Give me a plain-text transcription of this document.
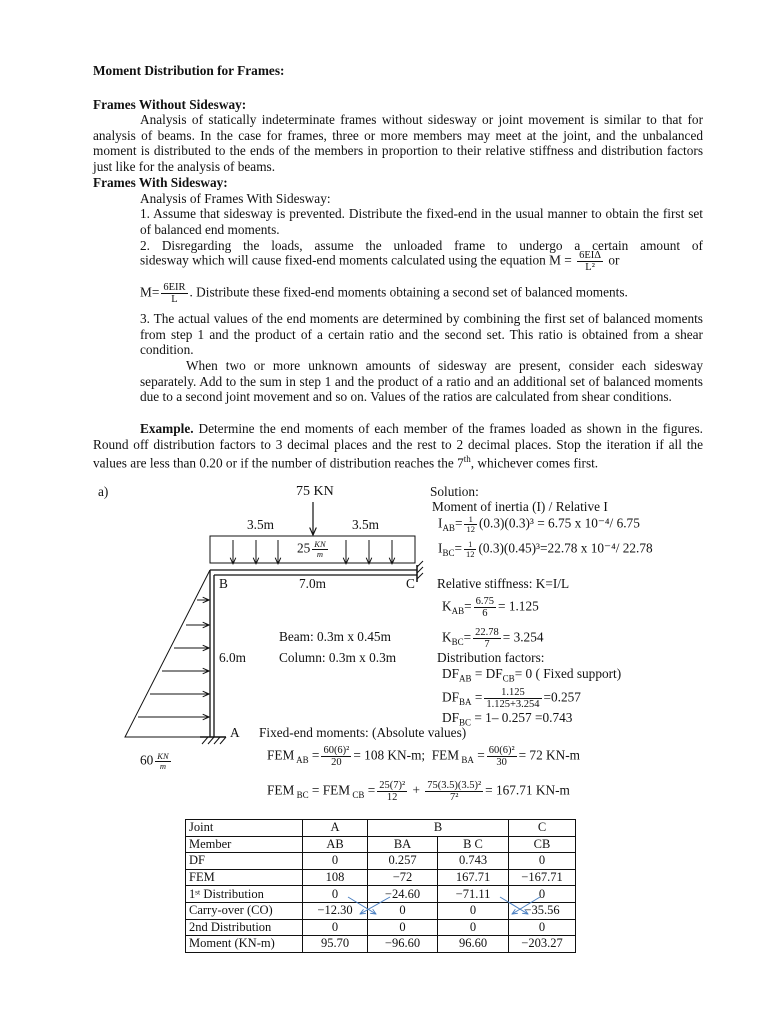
Moment Distribution for Frames:
Frames Without Sidesway:
Analysis of statically indeterminate frames without sidesway or joint movement is similar to that for analysis of beams. In the case for frames, three or more members may meet at the joint, and the unbalanced moment is distributed to the ends of the members in proportion to their relative stiffness and distribution factors just like for the analysis of beams.
Frames With Sidesway:
Analysis of Frames With Sidesway:
1. Assume that sidesway is prevented. Distribute the fixed-end in the usual manner to obtain the first set of balanced end moments.
2. Disregarding the loads, assume the unloaded frame to undergo a certain amount of
sidesway which will cause fixed-end moments calculated using the equation $M = \frac{\text{6EIΔ}}{\text{L²}}$ or
$M= \frac{\text{6EIR}}{L}$ . Distribute these fixed-end moments obtaining a second set of balanced moments.
3. The actual values of the end moments are determined by combining the first set of balanced moments from step 1 and the product of a certain ratio and the second set. This ratio is obtained from a shear condition.
When two or more unknown amounts of sidesway are present, consider each sidesway separately. Add to the sum in step 1 and the product of a ratio and an additional set of balanced moments due to a second joint movement and so on. Values of the ratios are calculated from shear conditions.
Example. Determine the end moments of each member of the frames loaded as shown in the figures. Round off distribution factors to 3 decimal places and the rest to 2 decimal places. Stop the iteration if all the values are less than 0.20 or if the number of distribution reaches the 7th, whichever comes first.
a)	75 KN
3.5m	3.5m
$25 \frac{KN}{m}$
B	C
7.0m
6.0m
Beam: 0.3m x 0.45m
Column: 0.3m x 0.3m
A
$60 \frac{KN}{m}$
Solution:
Moment of inertia (I) / Relative I
$I_{AB}= \frac{1}{12} (0.3)(0.3)^3 = 6.75$ x 10⁻⁴/ 6.75
$I_{BC}= \frac{1}{12} (0.3)(0.45)^3=22.78$ x 10⁻⁴/ 22.78
Relative stiffness: K=I/L
$K_{AB}= \frac{6.75}{6} = 1.125$
$K_{BC}= \frac{22.78}{7} = 3.254$
Distribution factors:
$DF_{AB} = DF_{CB}= 0$ ( Fixed support)
$DF_{BA} = \frac{1.125}{1.125+3.254} =0.257$
$DF_{BC} = 1-$ 0.257 =0.743
Fixed-end moments: (Absolute values)
FEM $_{AB} = \frac{\text{60(6)²}}{20} = 108$ KN-m; FEM $_{BA} = \frac{\text{60(6)²}}{30} = 72$ KN-m
FEM $_{BC}$ = FEM $_{CB} = \frac{\text{25(7)²}}{12} + \frac{\text{75(3.5)(3.5)²}}{\text{7²}} = 167.71$ KN-m
Joint	A	B		C
Member	AB	BA	B C	CB
DF	0	0.257	0.743	0
FEM	108	−72	167.71	−167.71
1ˢᵗ Distribution	0	−24.60	−71.11	0
Carry-over (CO)	−12.30	0	0	−35.56
2nd Distribution	0	0	0	0
Moment (KN-m)	95.70	−96.60	96.60	−203.27
